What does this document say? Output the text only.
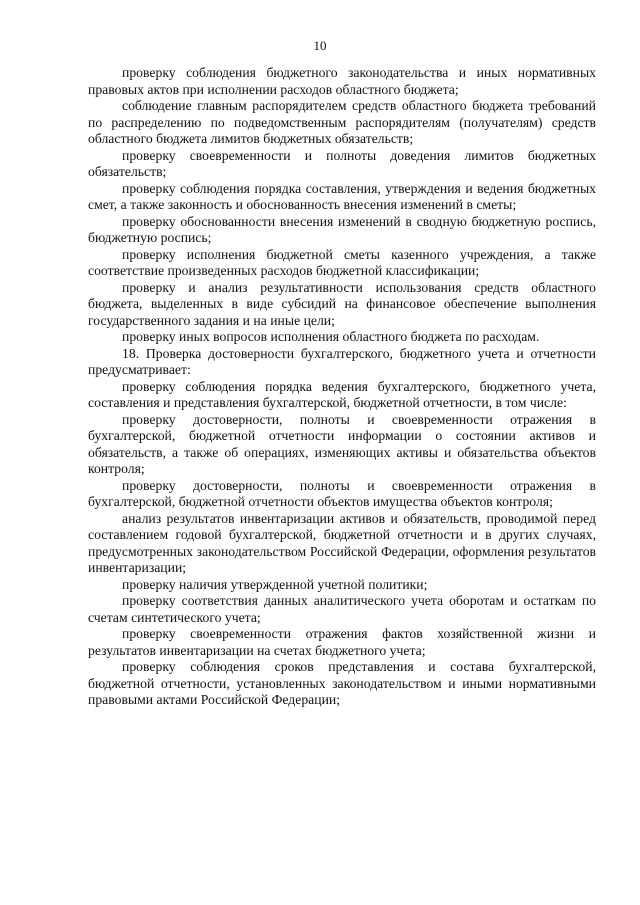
10

проверку соблюдения бюджетного законодательства и иных нормативных правовых актов при исполнении расходов областного бюджета;

соблюдение главным распорядителем средств областного бюджета требований по распределению по подведомственным распорядителям (получателям) средств областного бюджета лимитов бюджетных обязательств;

проверку своевременности и полноты доведения лимитов бюджетных обязательств;

проверку соблюдения порядка составления, утверждения и ведения бюджетных смет, а также законность и обоснованность внесения изменений в сметы;

проверку обоснованности внесения изменений в сводную бюджетную роспись, бюджетную роспись;

проверку исполнения бюджетной сметы казенного учреждения, а также соответствие произведенных расходов бюджетной классификации;

проверку и анализ результативности использования средств областного бюджета, выделенных в виде субсидий на финансовое обеспечение выполнения государственного задания и на иные цели;

проверку иных вопросов исполнения областного бюджета по расходам.

18. Проверка достоверности бухгалтерского, бюджетного учета и отчетности предусматривает:

проверку соблюдения порядка ведения бухгалтерского, бюджетного учета, составления и представления бухгалтерской, бюджетной отчетности, в том числе:

проверку достоверности, полноты и своевременности отражения в бухгалтерской, бюджетной отчетности информации о состоянии активов и обязательств, а также об операциях, изменяющих активы и обязательства объектов контроля;

проверку достоверности, полноты и своевременности отражения в бухгалтерской, бюджетной отчетности объектов имущества объектов контроля;

анализ результатов инвентаризации активов и обязательств, проводимой перед составлением годовой бухгалтерской, бюджетной отчетности и в других случаях, предусмотренных законодательством Российской Федерации, оформления результатов инвентаризации;

проверку наличия утвержденной учетной политики;

проверку соответствия данных аналитического учета оборотам и остаткам по счетам синтетического учета;

проверку своевременности отражения фактов хозяйственной жизни и результатов инвентаризации на счетах бюджетного учета;

проверку соблюдения сроков представления и состава бухгалтерской, бюджетной отчетности, установленных законодательством и иными нормативными правовыми актами Российской Федерации;
